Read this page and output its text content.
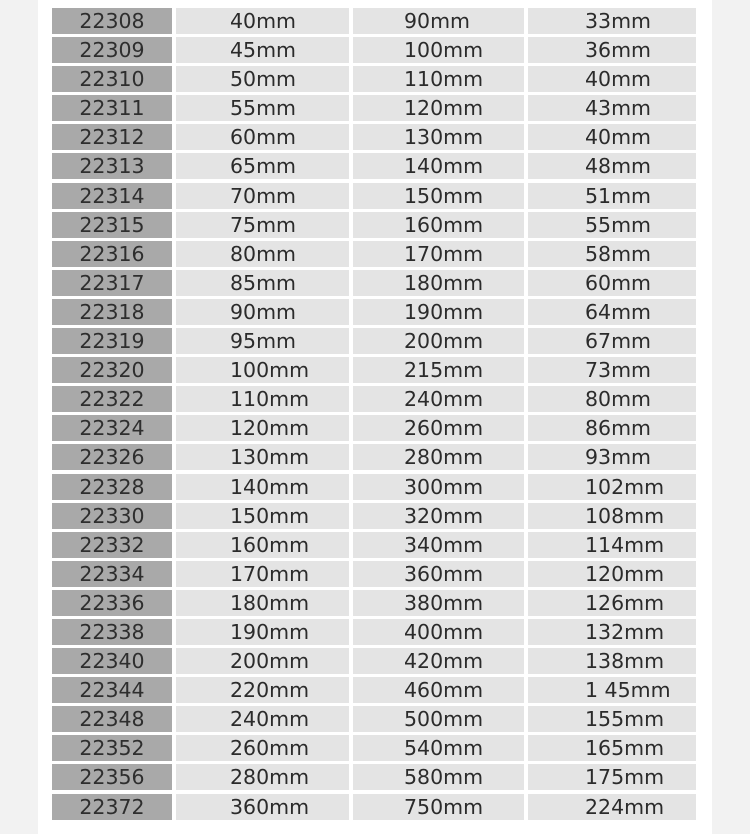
22308	40mm	90mm	33mm
22309	45mm	100mm	36mm
22310	50mm	110mm	40mm
22311	55mm	120mm	43mm
22312	60mm	130mm	40mm
22313	65mm	140mm	48mm
22314	70mm	150mm	51mm
22315	75mm	160mm	55mm
22316	80mm	170mm	58mm
22317	85mm	180mm	60mm
22318	90mm	190mm	64mm
22319	95mm	200mm	67mm
22320	100mm	215mm	73mm
22322	110mm	240mm	80mm
22324	120mm	260mm	86mm
22326	130mm	280mm	93mm
22328	140mm	300mm	102mm
22330	150mm	320mm	108mm
22332	160mm	340mm	114mm
22334	170mm	360mm	120mm
22336	180mm	380mm	126mm
22338	190mm	400mm	132mm
22340	200mm	420mm	138mm
22344	220mm	460mm	1 45mm
22348	240mm	500mm	155mm
22352	260mm	540mm	165mm
22356	280mm	580mm	175mm
22372	360mm	750mm	224mm
